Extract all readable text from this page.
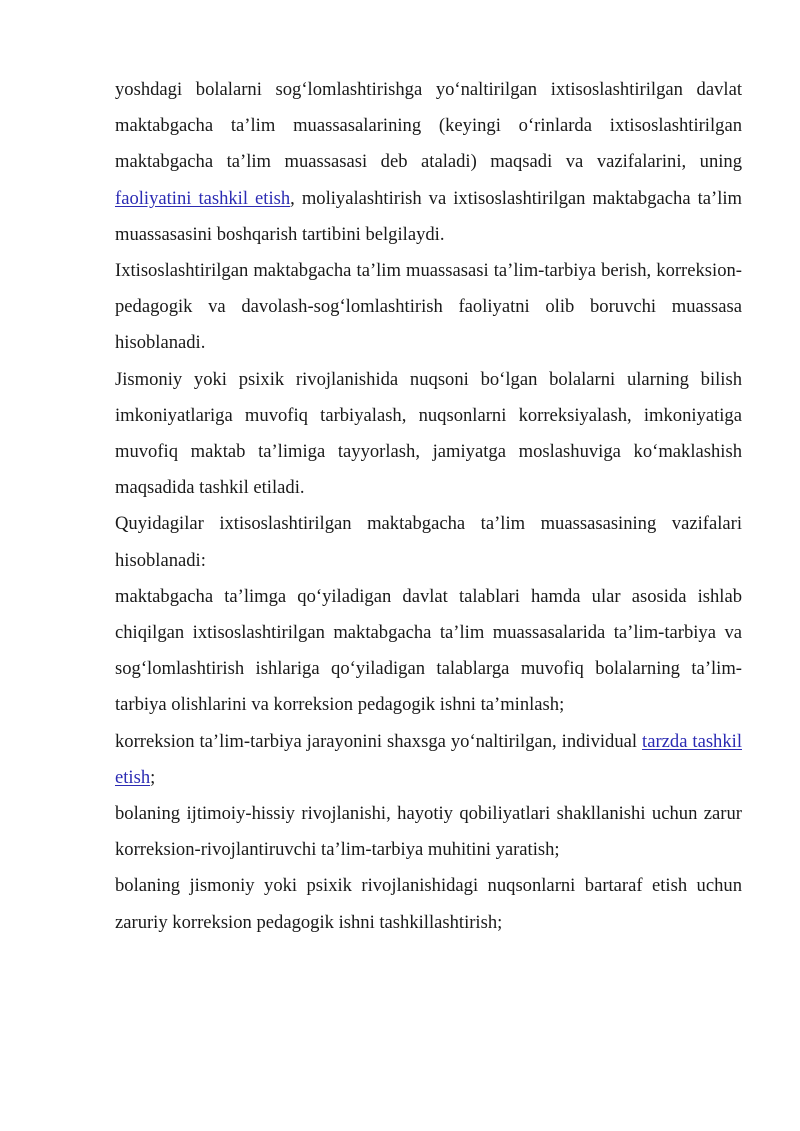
yoshdagi bolalarni sog‘lomlashtirishga yo‘naltirilgan ixtisoslashtirilgan davlat maktabgacha ta’lim muassasalarining (keyingi o‘rinlarda ixtisoslashtirilgan maktabgacha ta’lim muassasasi deb ataladi) maqsadi va vazifalarini, uning faoliyatini tashkil etish, moliyalashtirish va ixtisoslashtirilgan maktabgacha ta’lim muassasasini boshqarish tartibini belgilaydi.

Ixtisoslashtirilgan maktabgacha ta’lim muassasasi ta’lim-tarbiya berish, korreksion-pedagogik va davolash-sog‘lomlashtirish faoliyatni olib boruvchi muassasa hisoblanadi.

Jismoniy yoki psixik rivojlanishida nuqsoni bo‘lgan bolalarni ularning bilish imkoniyatlariga muvofiq tarbiyalash, nuqsonlarni korreksiyalash, imkoniyatiga muvofiq maktab ta’limiga tayyorlash, jamiyatga moslashuviga ko‘maklashish maqsadida tashkil etiladi.

Quyidagilar ixtisoslashtirilgan maktabgacha ta’lim muassasasining vazifalari hisoblanadi:

maktabgacha ta’limga qo‘yiladigan davlat talablari hamda ular asosida ishlab chiqilgan ixtisoslashtirilgan maktabgacha ta’lim muassasalarida ta’lim-tarbiya va sog‘lomlashtirish ishlariga qo‘yiladigan talablarga muvofiq bolalarning ta’lim-tarbiya olishlarini va korreksion pedagogik ishni ta’minlash;

korreksion ta’lim-tarbiya jarayonini shaxsga yo‘naltirilgan, individual tarzda tashkil etish;

bolaning ijtimoiy-hissiy rivojlanishi, hayotiy qobiliyatlari shakllanishi uchun zarur korreksion-rivojlantiruvchi ta’lim-tarbiya muhitini yaratish;

bolaning jismoniy yoki psixik rivojlanishidagi nuqsonlarni bartaraf etish uchun zaruriy korreksion pedagogik ishni tashkillashtirish;
